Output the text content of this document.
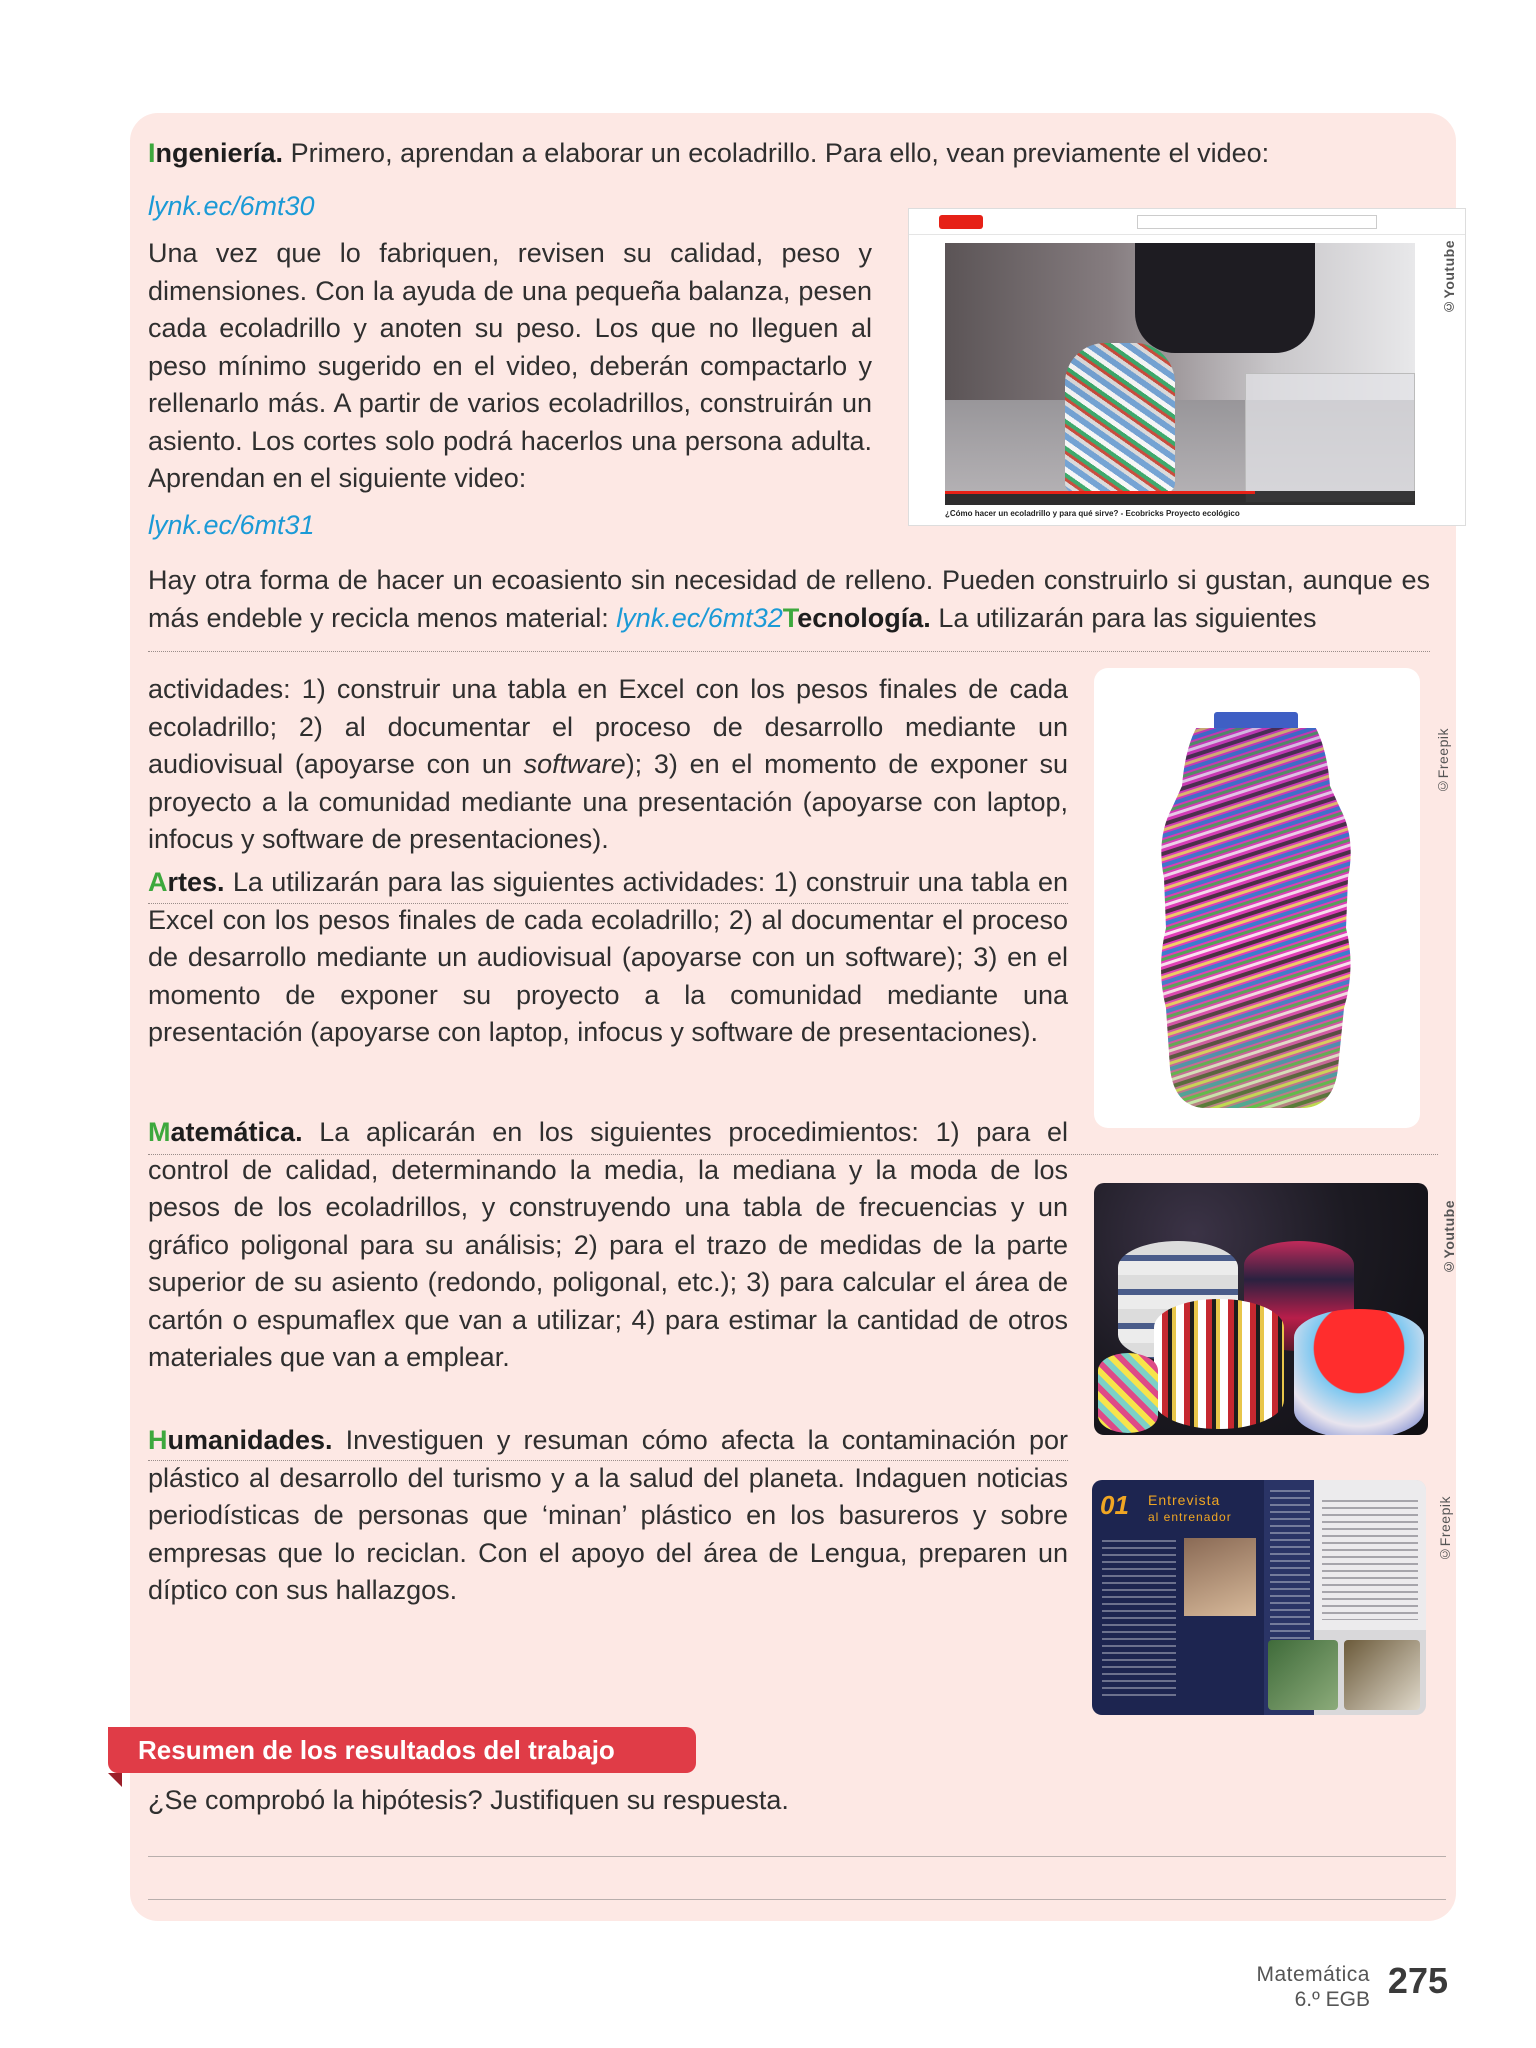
Ingeniería. Primero, aprendan a elaborar un ecoladrillo. Para ello, vean previamente el video:
lynk.ec/6mt30
Una vez que lo fabriquen, revisen su calidad, peso y dimensiones. Con la ayuda de una pequeña balanza, pesen cada ecoladrillo y anoten su peso. Los que no lleguen al peso mínimo sugerido en el video, deberán compactarlo y rellenarlo más. A partir de varios ecoladrillos, construirán un asiento. Los cortes solo podrá hacerlos una persona adulta. Aprendan en el siguiente video:
lynk.ec/6mt31
Hay otra forma de hacer un ecoasiento sin necesidad de relleno. Pueden construirlo si gustan, aunque es más endeble y recicla menos material: lynk.ec/6mt32Tecnología. La utilizarán para las siguientes
¿Cómo hacer un ecoladrillo y para qué sirve? - Ecobricks Proyecto ecológico
©Youtube
actividades: 1) construir una tabla en Excel con los pesos finales de cada ecoladrillo; 2) al documentar el proceso de desarrollo mediante un audiovisual (apoyarse con un software); 3) en el momento de exponer su proyecto a la comunidad mediante una presentación (apoyarse con laptop, infocus y software de presentaciones).
Artes. La utilizarán para las siguientes actividades: 1) construir una tabla en Excel con los pesos finales de cada ecoladrillo; 2) al documentar el proceso de desarrollo mediante un audiovisual (apoyarse con un software); 3) en el momento de exponer su proyecto a la comunidad mediante una presentación (apoyarse con laptop, infocus y software de presentaciones).
©Freepik
Matemática. La aplicarán en los siguientes procedimientos: 1) para el control de calidad, determinando la media, la mediana y la moda de los pesos de los ecoladrillos, y construyendo una tabla de frecuencias y un gráfico poligonal para su análisis; 2) para el trazo de medidas de la parte superior de su asiento (redondo, poligonal, etc.); 3) para calcular el área de cartón o espumaflex que van a utilizar; 4) para estimar la cantidad de otros materiales que van a emplear.
©Youtube
Humanidades. Investiguen y resuman cómo afecta la contaminación por plástico al desarrollo del turismo y a la salud del planeta. Indaguen noticias periodísticas de personas que ‘minan’ plástico en los basureros y sobre empresas que lo reciclan. Con el apoyo del área de Lengua, preparen un díptico con sus hallazgos.
01 Entrevista
al entrenador	©Freepik
Resumen de los resultados del trabajo
¿Se comprobó la hipótesis? Justifiquen su respuesta.
Matemática
6.º EGB 275
